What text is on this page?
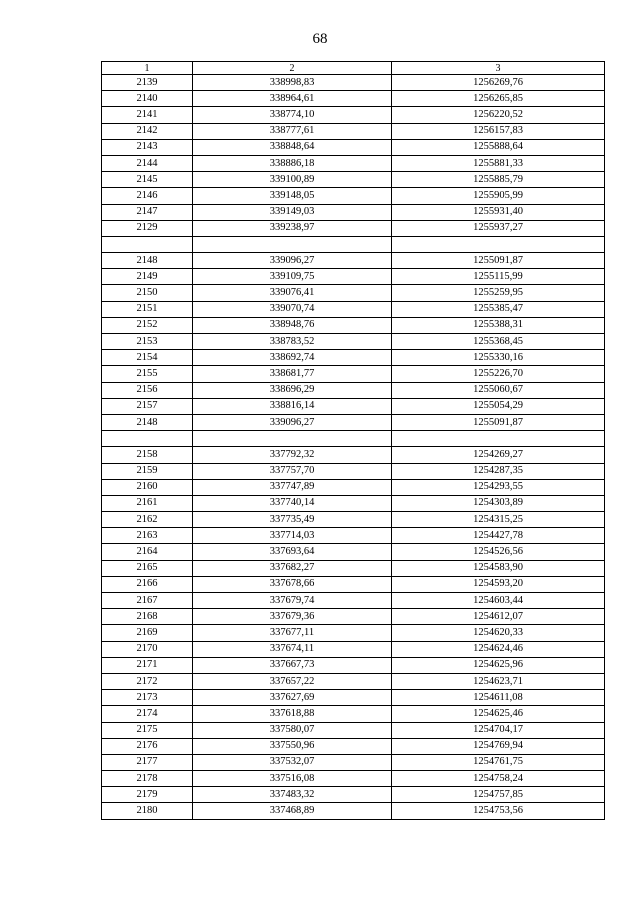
68
1	2	3
2139	338998,83	1256269,76
2140	338964,61	1256265,85
2141	338774,10	1256220,52
2142	338777,61	1256157,83
2143	338848,64	1255888,64
2144	338886,18	1255881,33
2145	339100,89	1255885,79
2146	339148,05	1255905,99
2147	339149,03	1255931,40
2129	339238,97	1255937,27

2148	339096,27	1255091,87
2149	339109,75	1255115,99
2150	339076,41	1255259,95
2151	339070,74	1255385,47
2152	338948,76	1255388,31
2153	338783,52	1255368,45
2154	338692,74	1255330,16
2155	338681,77	1255226,70
2156	338696,29	1255060,67
2157	338816,14	1255054,29
2148	339096,27	1255091,87

2158	337792,32	1254269,27
2159	337757,70	1254287,35
2160	337747,89	1254293,55
2161	337740,14	1254303,89
2162	337735,49	1254315,25
2163	337714,03	1254427,78
2164	337693,64	1254526,56
2165	337682,27	1254583,90
2166	337678,66	1254593,20
2167	337679,74	1254603,44
2168	337679,36	1254612,07
2169	337677,11	1254620,33
2170	337674,11	1254624,46
2171	337667,73	1254625,96
2172	337657,22	1254623,71
2173	337627,69	1254611,08
2174	337618,88	1254625,46
2175	337580,07	1254704,17
2176	337550,96	1254769,94
2177	337532,07	1254761,75
2178	337516,08	1254758,24
2179	337483,32	1254757,85
2180	337468,89	1254753,56
